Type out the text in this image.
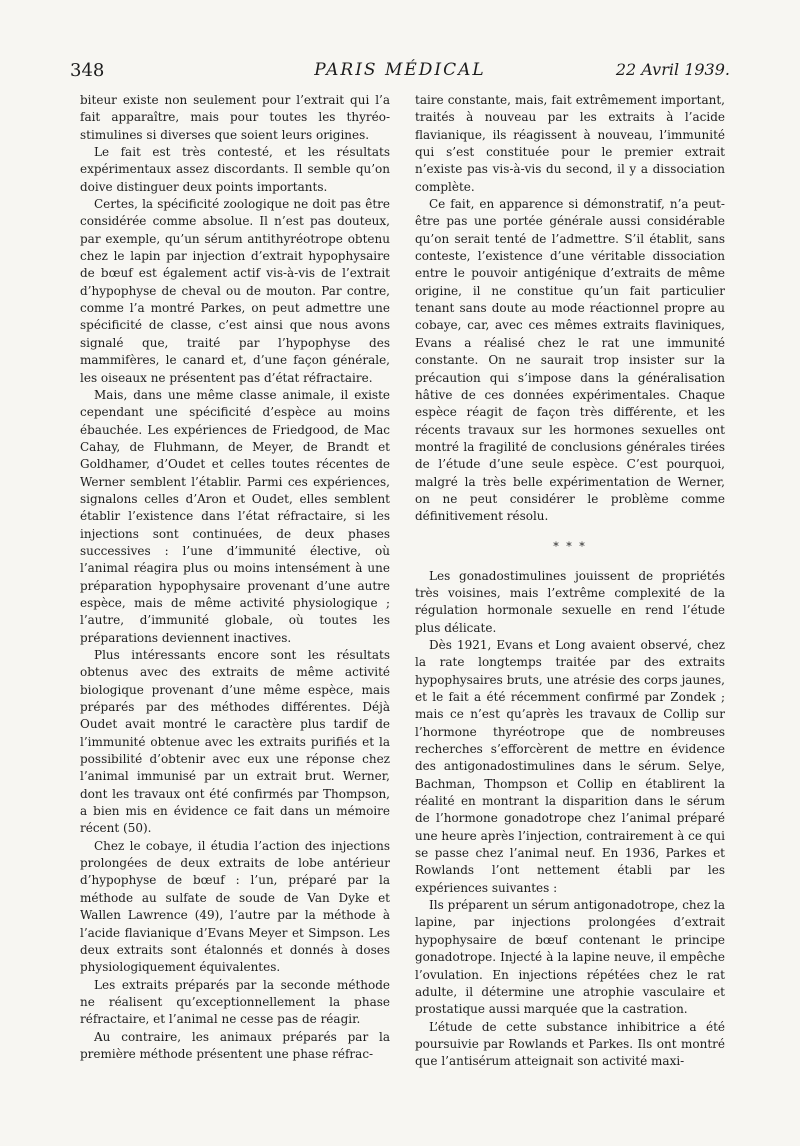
348	PARIS MÉDICAL	22 Avril 1939.

biteur existe non seulement pour l’extrait qui l’a fait apparaître, mais pour toutes les thyréo-stimulines si diverses que soient leurs origines.

Le fait est très contesté, et les résultats expérimentaux assez discordants. Il semble qu’on doive distinguer deux points importants.

Certes, la spécificité zoologique ne doit pas être considérée comme absolue. Il n’est pas douteux, par exemple, qu’un sérum antithyréotrope obtenu chez le lapin par injection d’extrait hypophysaire de bœuf est également actif vis-à-vis de l’extrait d’hypophyse de cheval ou de mouton. Par contre, comme l’a montré Parkes, on peut admettre une spécificité de classe, c’est ainsi que nous avons signalé que, traité par l’hypophyse des mammifères, le canard et, d’une façon générale, les oiseaux ne présentent pas d’état réfractaire.

Mais, dans une même classe animale, il existe cependant une spécificité d’espèce au moins ébauchée. Les expériences de Friedgood, de Mac Cahay, de Fluhmann, de Meyer, de Brandt et Goldhamer, d’Oudet et celles toutes récentes de Werner semblent l’établir. Parmi ces expériences, signalons celles d’Aron et Oudet, elles semblent établir l’existence dans l’état réfractaire, si les injections sont continuées, de deux phases successives : l’une d’immunité élective, où l’animal réagira plus ou moins intensément à une préparation hypophysaire provenant d’une autre espèce, mais de même activité physiologique ; l’autre, d’immunité globale, où toutes les préparations deviennent inactives.

Plus intéressants encore sont les résultats obtenus avec des extraits de même activité biologique provenant d’une même espèce, mais préparés par des méthodes différentes. Déjà Oudet avait montré le caractère plus tardif de l’immunité obtenue avec les extraits purifiés et la possibilité d’obtenir avec eux une réponse chez l’animal immunisé par un extrait brut. Werner, dont les travaux ont été confirmés par Thompson, a bien mis en évidence ce fait dans un mémoire récent (50).

Chez le cobaye, il étudia l’action des injections prolongées de deux extraits de lobe antérieur d’hypophyse de bœuf : l’un, préparé par la méthode au sulfate de soude de Van Dyke et Wallen Lawrence (49), l’autre par la méthode à l’acide flavianique d’Evans Meyer et Simpson. Les deux extraits sont étalonnés et donnés à doses physiologiquement équivalentes.

Les extraits préparés par la seconde méthode ne réalisent qu’exceptionnellement la phase réfractaire, et l’animal ne cesse pas de réagir.

Au contraire, les animaux préparés par la première méthode présentent une phase réfrac-

taire constante, mais, fait extrêmement important, traités à nouveau par les extraits à l’acide flavianique, ils réagissent à nouveau, l’immunité qui s’est constituée pour le premier extrait n’existe pas vis-à-vis du second, il y a dissociation complète.

Ce fait, en apparence si démonstratif, n’a peut-être pas une portée générale aussi considérable qu’on serait tenté de l’admettre. S’il établit, sans conteste, l’existence d’une véritable dissociation entre le pouvoir antigénique d’extraits de même origine, il ne constitue qu’un fait particulier tenant sans doute au mode réactionnel propre au cobaye, car, avec ces mêmes extraits flaviniques, Evans a réalisé chez le rat une immunité constante. On ne saurait trop insister sur la précaution qui s’impose dans la généralisation hâtive de ces données expérimentales. Chaque espèce réagit de façon très différente, et les récents travaux sur les hormones sexuelles ont montré la fragilité de conclusions générales tirées de l’étude d’une seule espèce. C’est pourquoi, malgré la très belle expérimentation de Werner, on ne peut considérer le problème comme définitivement résolu.

* * *

Les gonadostimulines jouissent de propriétés très voisines, mais l’extrême complexité de la régulation hormonale sexuelle en rend l’étude plus délicate.

Dès 1921, Evans et Long avaient observé, chez la rate longtemps traitée par des extraits hypophysaires bruts, une atrésie des corps jaunes, et le fait a été récemment confirmé par Zondek ; mais ce n’est qu’après les travaux de Collip sur l’hormone thyréotrope que de nombreuses recherches s’efforcèrent de mettre en évidence des antigonadostimulines dans le sérum. Selye, Bachman, Thompson et Collip en établirent la réalité en montrant la disparition dans le sérum de l’hormone gonadotrope chez l’animal préparé une heure après l’injection, contrairement à ce qui se passe chez l’animal neuf. En 1936, Parkes et Rowlands l’ont nettement établi par les expériences suivantes :

Ils préparent un sérum antigonadotrope, chez la lapine, par injections prolongées d’extrait hypophysaire de bœuf contenant le principe gonadotrope. Injecté à la lapine neuve, il empêche l’ovulation. En injections répétées chez le rat adulte, il détermine une atrophie vasculaire et prostatique aussi marquée que la castration.

L’étude de cette substance inhibitrice a été poursuivie par Rowlands et Parkes. Ils ont montré que l’antisérum atteignait son activité maxi-
